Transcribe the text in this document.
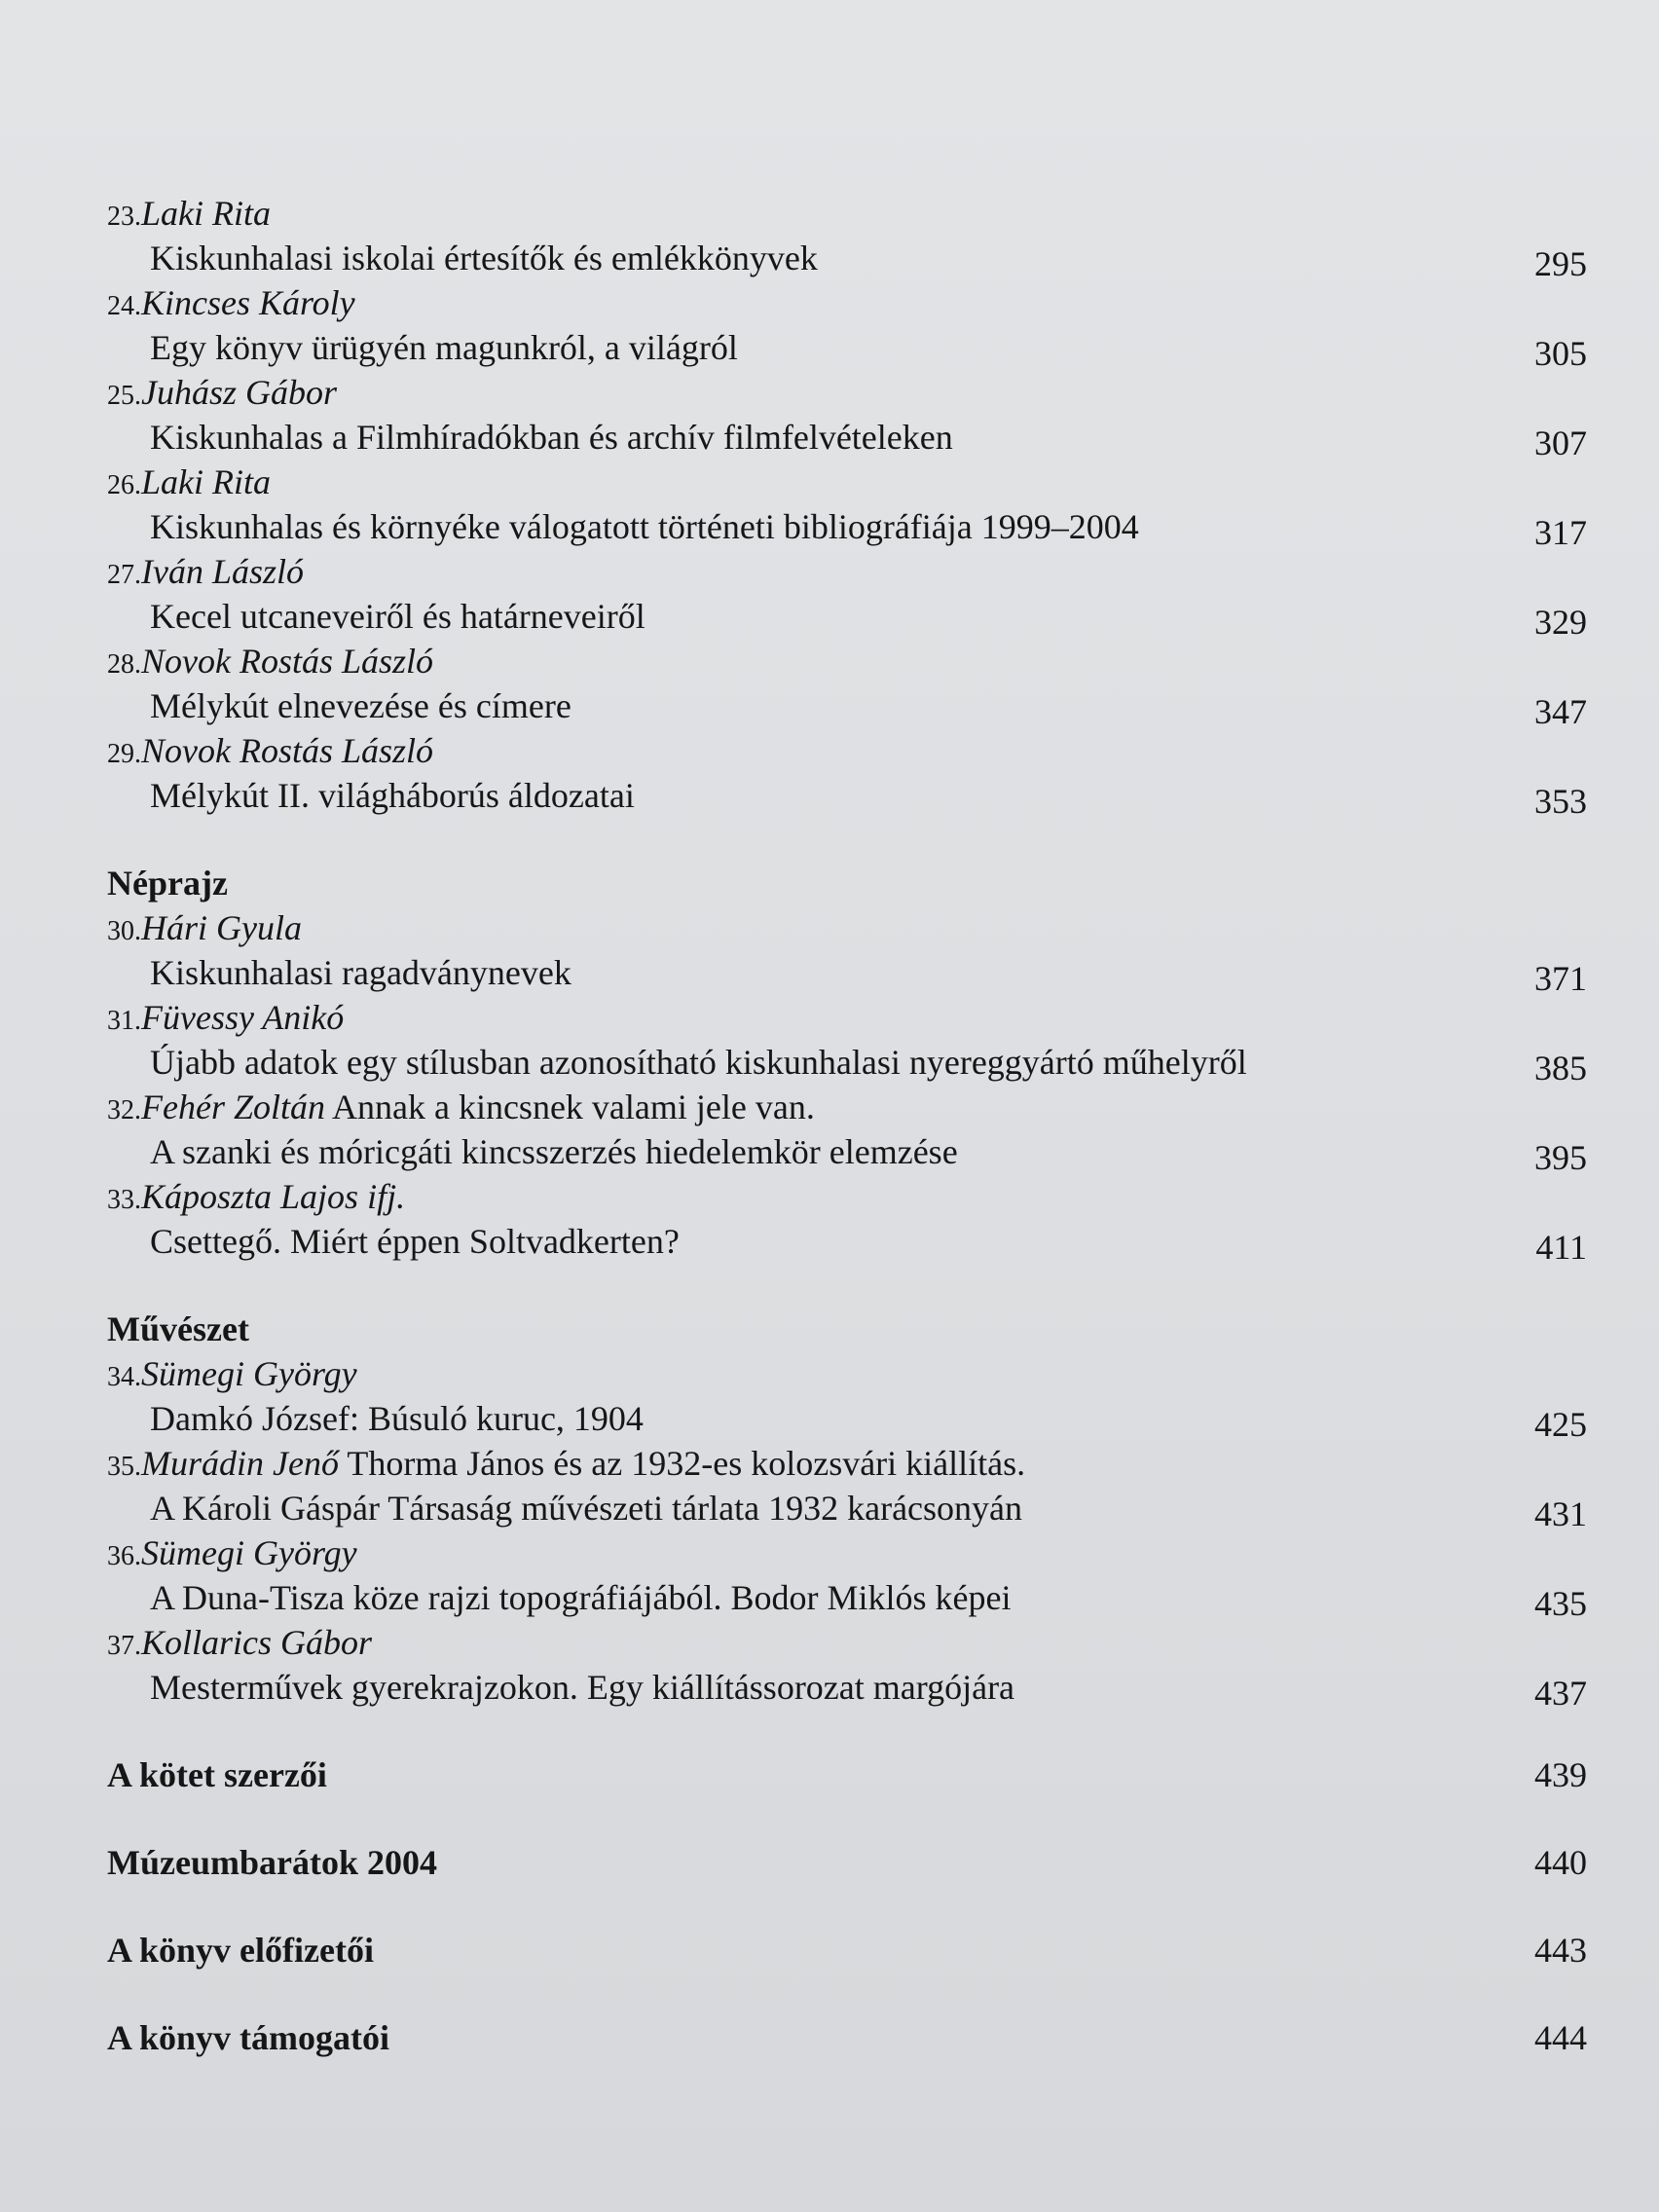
23.Laki Rita
Kiskunhalasi iskolai értesítők és emlékkönyvek	295
24.Kincses Károly
Egy könyv ürügyén magunkról, a világról	305
25.Juhász Gábor
Kiskunhalas a Filmhíradókban és archív filmfelvételeken	307
26.Laki Rita
Kiskunhalas és környéke válogatott történeti bibliográfiája 1999–2004	317
27.Iván László
Kecel utcaneveiről és határneveiről	329
28.Novok Rostás László
Mélykút elnevezése és címere	347
29.Novok Rostás László
Mélykút II. világháborús áldozatai	353
Néprajz
30.Hári Gyula
Kiskunhalasi ragadványnevek	371
31.Füvessy Anikó
Újabb adatok egy stílusban azonosítható kiskunhalasi nyereggyártó műhelyről	385
32.Fehér Zoltán Annak a kincsnek valami jele van.
A szanki és móricgáti kincsszerzés hiedelemkör elemzése	395
33.Káposzta Lajos ifj.
Csettegő. Miért éppen Soltvadkerten?	411
Művészet
34.Sümegi György
Damkó József: Búsuló kuruc, 1904	425
35.Murádin Jenő Thorma János és az 1932-es kolozsvári kiállítás.
A Károli Gáspár Társaság művészeti tárlata 1932 karácsonyán	431
36.Sümegi György
A Duna-Tisza köze rajzi topográfiájából. Bodor Miklós képei	435
37.Kollarics Gábor
Mesterművek gyerekrajzokon. Egy kiállítássorozat margójára	437
A kötet szerzői	439
Múzeumbarátok 2004	440
A könyv előfizetői	443
A könyv támogatói	444
